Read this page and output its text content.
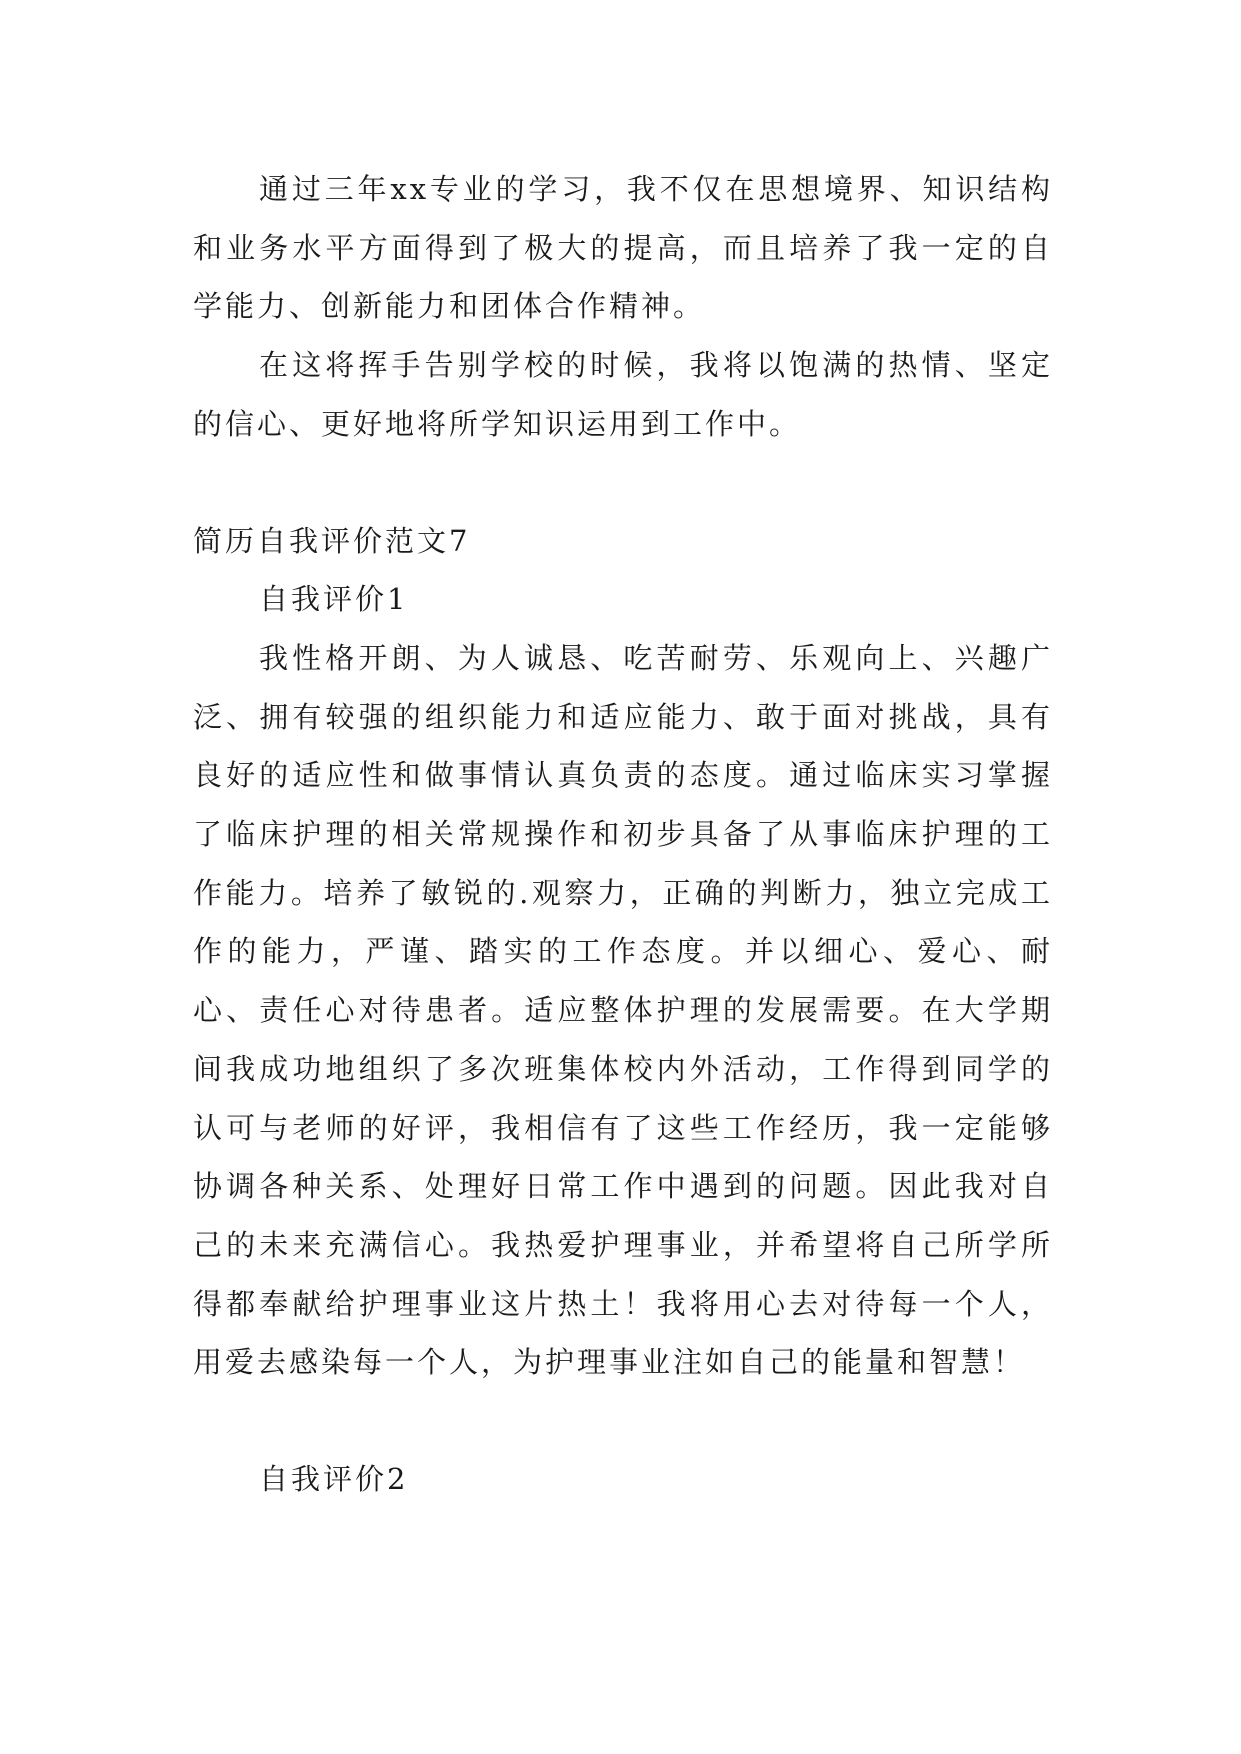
通过三年xx专业的学习，我不仅在思想境界、知识结构和业务水平方面得到了极大的提高，而且培养了我一定的自学能力、创新能力和团体合作精神。

在这将挥手告别学校的时候，我将以饱满的热情、坚定的信心、更好地将所学知识运用到工作中。

简历自我评价范文7

自我评价1

我性格开朗、为人诚恳、吃苦耐劳、乐观向上、兴趣广泛、拥有较强的组织能力和适应能力、敢于面对挑战，具有良好的适应性和做事情认真负责的态度。通过临床实习掌握了临床护理的相关常规操作和初步具备了从事临床护理的工作能力。培养了敏锐的.观察力，正确的判断力，独立完成工作的能力，严谨、踏实的工作态度。并以细心、爱心、耐心、责任心对待患者。适应整体护理的发展需要。在大学期间我成功地组织了多次班集体校内外活动，工作得到同学的认可与老师的好评，我相信有了这些工作经历，我一定能够协调各种关系、处理好日常工作中遇到的问题。因此我对自己的未来充满信心。我热爱护理事业，并希望将自己所学所得都奉献给护理事业这片热土！我将用心去对待每一个人，用爱去感染每一个人，为护理事业注如自己的能量和智慧！

自我评价2
